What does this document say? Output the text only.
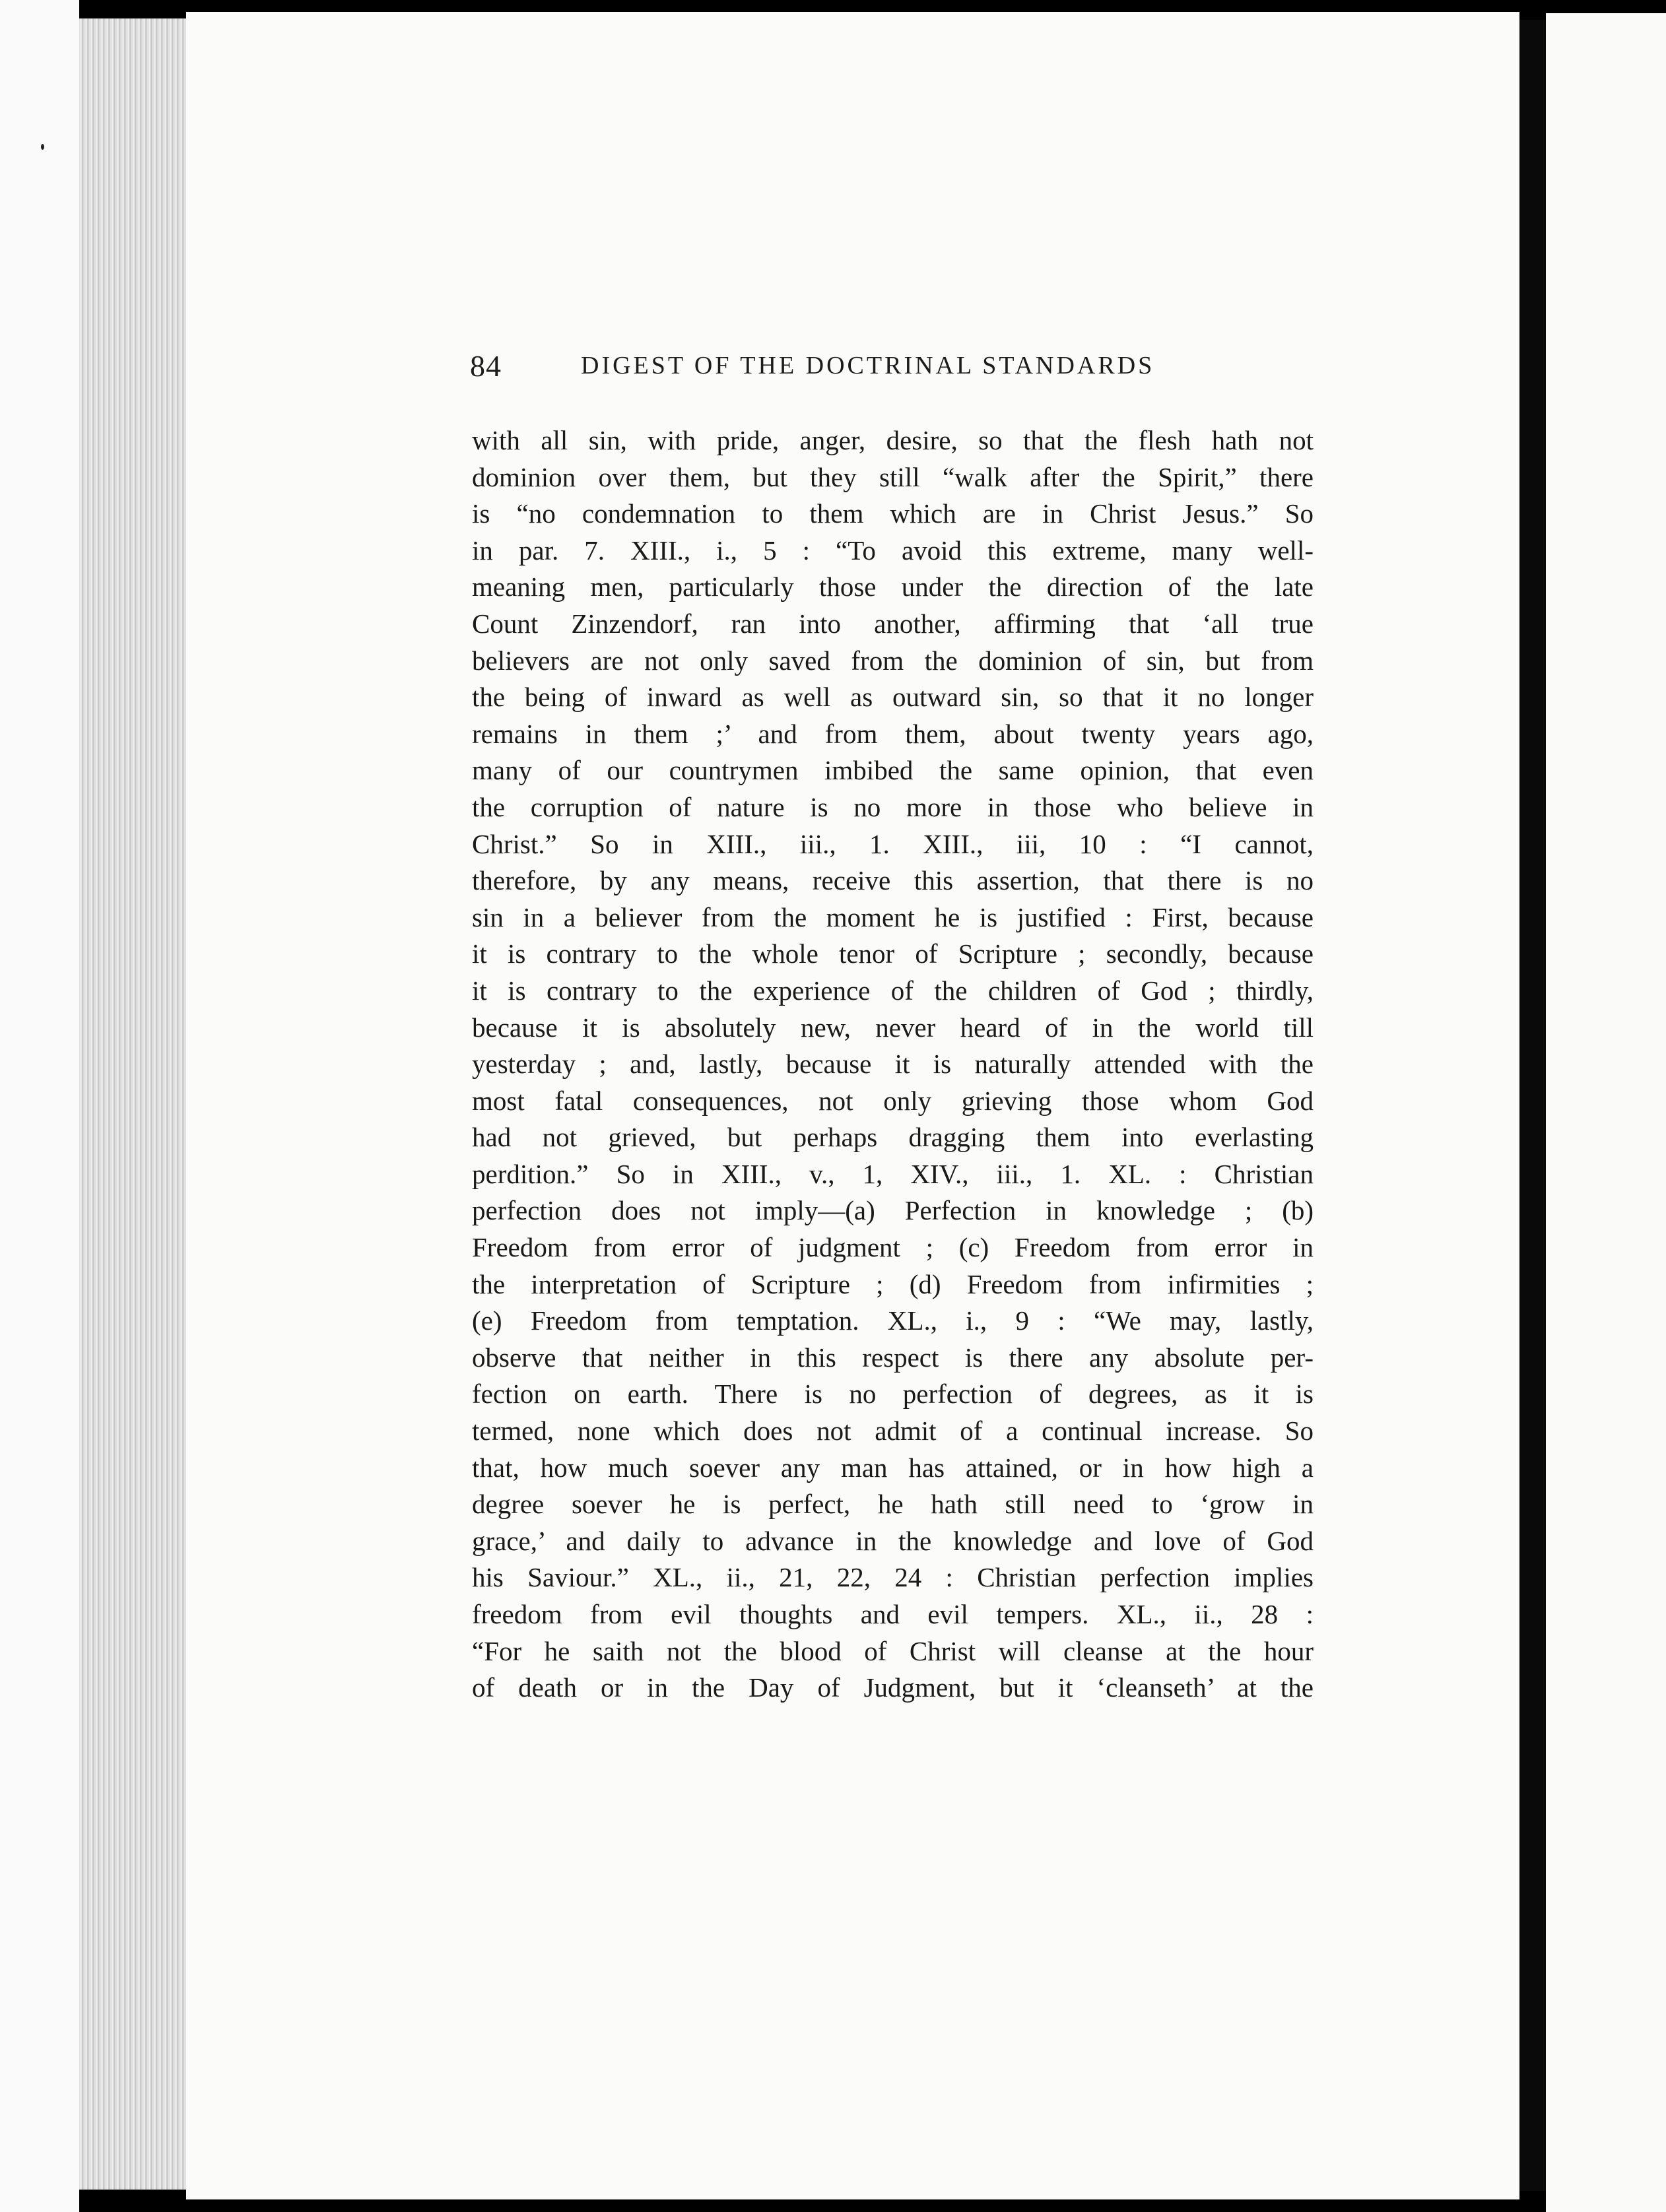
84	DIGEST OF THE DOCTRINAL STANDARDS
with all sin, with pride, anger, desire, so that the flesh hath not
dominion over them, but they still “walk after the Spirit,” there
is “no condemnation to them which are in Christ Jesus.” So
in par. 7. XIII., i., 5 : “To avoid this extreme, many well-
meaning men, particularly those under the direction of the late
Count Zinzendorf, ran into another, affirming that ‘all true
believers are not only saved from the dominion of sin, but from
the being of inward as well as outward sin, so that it no longer
remains in them ;’ and from them, about twenty years ago,
many of our countrymen imbibed the same opinion, that even
the corruption of nature is no more in those who believe in
Christ.” So in XIII., iii., 1. XIII., iii, 10 : “I cannot,
therefore, by any means, receive this assertion, that there is no
sin in a believer from the moment he is justified : First, because
it is contrary to the whole tenor of Scripture ; secondly, because
it is contrary to the experience of the children of God ; thirdly,
because it is absolutely new, never heard of in the world till
yesterday ; and, lastly, because it is naturally attended with the
most fatal consequences, not only grieving those whom God
had not grieved, but perhaps dragging them into everlasting
perdition.” So in XIII., v., 1, XIV., iii., 1. XL. : Christian
perfection does not imply—(a) Perfection in knowledge ; (b)
Freedom from error of judgment ; (c) Freedom from error in
the interpretation of Scripture ; (d) Freedom from infirmities ;
(e) Freedom from temptation. XL., i., 9 : “We may, lastly,
observe that neither in this respect is there any absolute per-
fection on earth. There is no perfection of degrees, as it is
termed, none which does not admit of a continual increase. So
that, how much soever any man has attained, or in how high a
degree soever he is perfect, he hath still need to ‘grow in
grace,’ and daily to advance in the knowledge and love of God
his Saviour.” XL., ii., 21, 22, 24 : Christian perfection implies
freedom from evil thoughts and evil tempers. XL., ii., 28 :
“For he saith not the blood of Christ will cleanse at the hour
of death or in the Day of Judgment, but it ‘cleanseth’ at the
